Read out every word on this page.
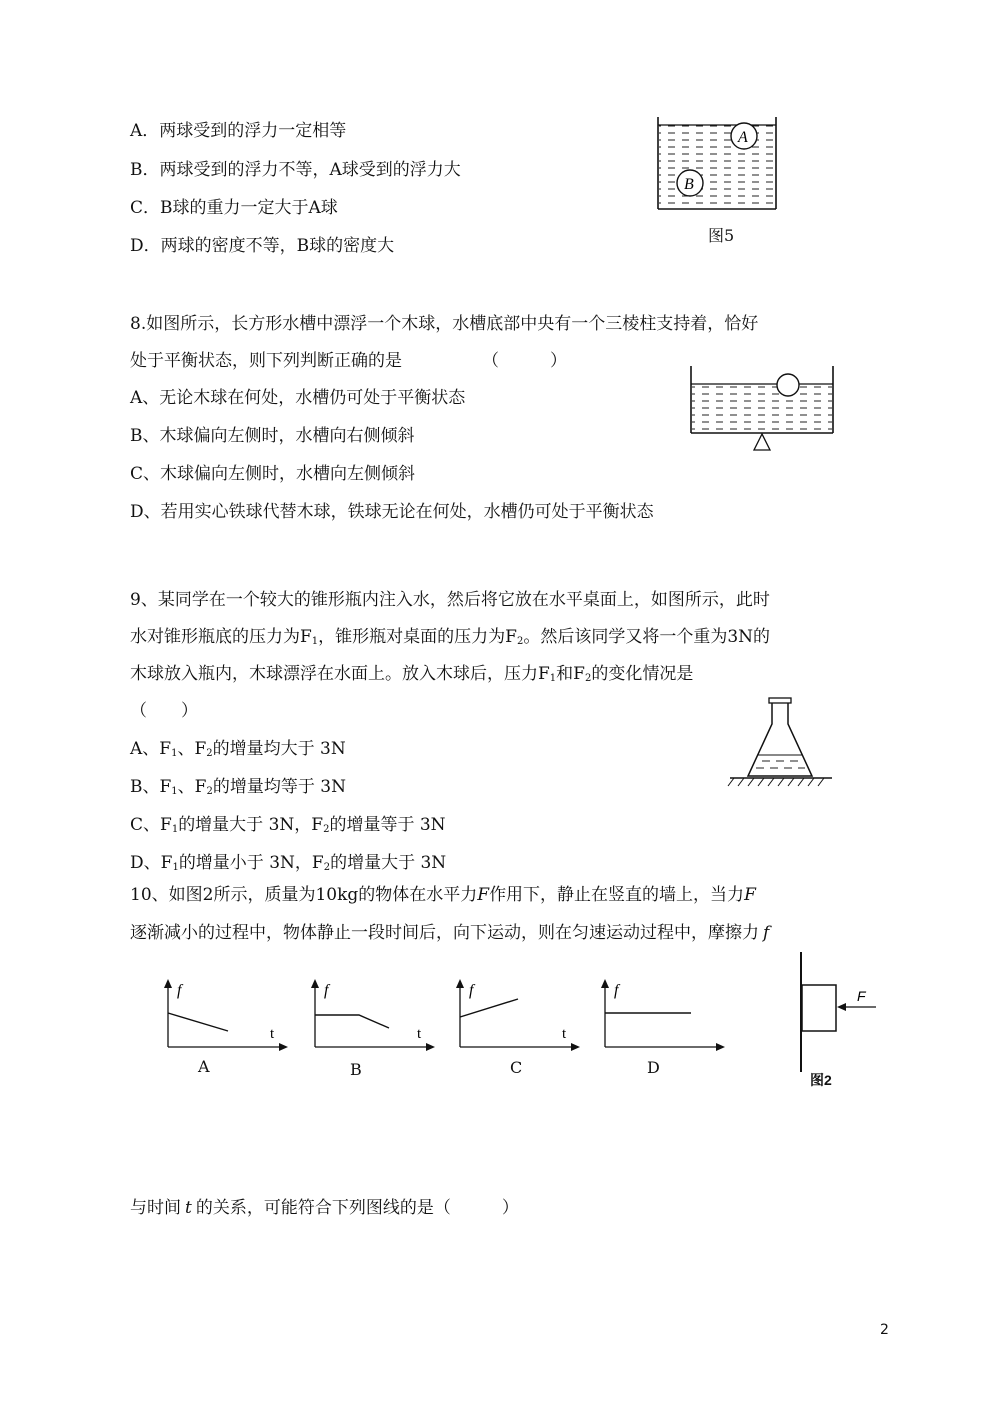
A．两球受到的浮力一定相等
B．两球受到的浮力不等，A球受到的浮力大
C．B球的重力一定大于A球
D．两球的密度不等，B球的密度大
A
B
图5
8.如图所示，长方形水槽中漂浮一个木球，水槽底部中央有一个三棱柱支持着，恰好
处于平衡状态，则下列判断正确的是	（　　　）
A、无论木球在何处，水槽仍可处于平衡状态
B、木球偏向左侧时，水槽向右侧倾斜
C、木球偏向左侧时，水槽向左侧倾斜
D、若用实心铁球代替木球，铁球无论在何处，水槽仍可处于平衡状态
9、某同学在一个较大的锥形瓶内注入水，然后将它放在水平桌面上，如图所示，此时
水对锥形瓶底的压力为$F_1$，锥形瓶对桌面的压力为$F_2$。然后该同学又将一个重为3N的
木球放入瓶内，木球漂浮在水面上。放入木球后，压力$F_1$和$F_2$的变化情况是
（　　）
A、$F_1$、$F_2$的增量均大于 3N
B、$F_1$、$F_2$的增量均等于 3N
C、$F_1$的增量大于 3N，$F_2$的增量等于 3N
D、$F_1$的增量小于 3N，$F_2$的增量大于 3N
10、如图2所示，质量为10kg的物体在水平力F作用下，静止在竖直的墙上，当力F
逐渐减小的过程中，物体静止一段时间后，向下运动，则在匀速运动过程中，摩擦力 f
f
t
A
f
t
B
f
t
C
f
D
F
图2
与时间 t 的关系，可能符合下列图线的是（　　　）
2
